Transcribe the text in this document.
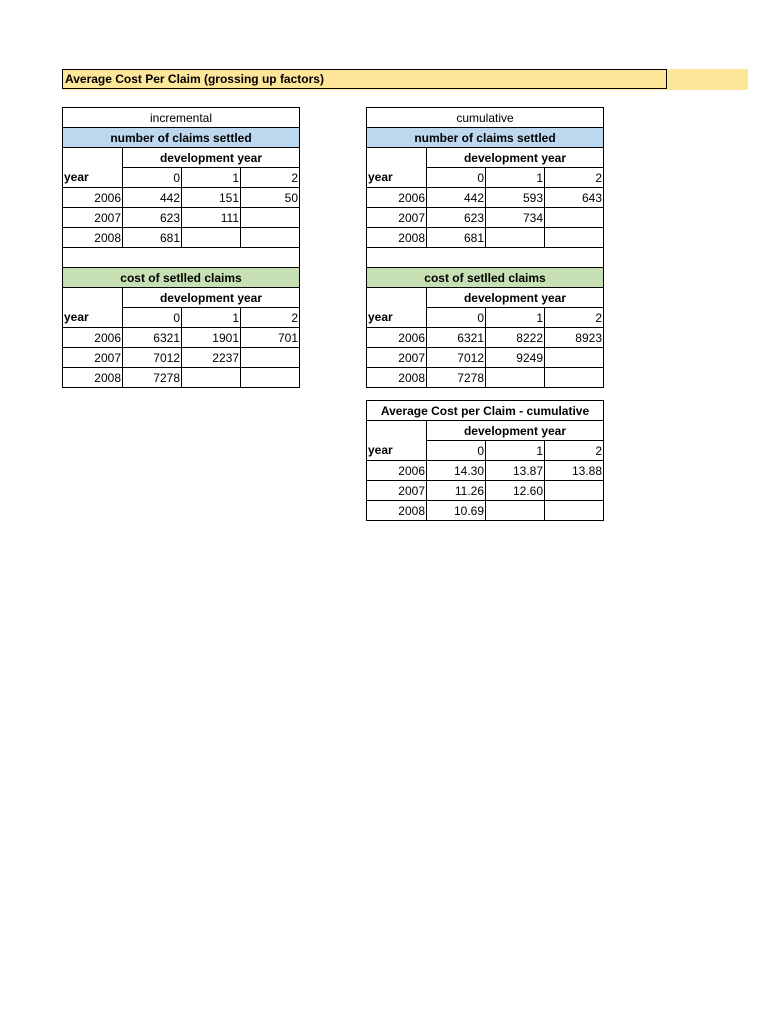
Average Cost Per Claim (grossing up factors)
incremental			
number of claims settled			
	development year		
year	0	1	2
2006	442	151	50
2007	623	111	
2008	681		

cost of setlled claims			
	development year		
year	0	1	2
2006	6321	1901	701
2007	7012	2237	
2008	7278		
cumulative			
number of claims settled			
	development year		
year	0	1	2
2006	442	593	643
2007	623	734	
2008	681		

cost of setlled claims			
	development year		
year	0	1	2
2006	6321	8222	8923
2007	7012	9249	
2008	7278		
Average Cost per Claim - cumulative			
	development year		
year	0	1	2
2006	14.30	13.87	13.88
2007	11.26	12.60	
2008	10.69		
